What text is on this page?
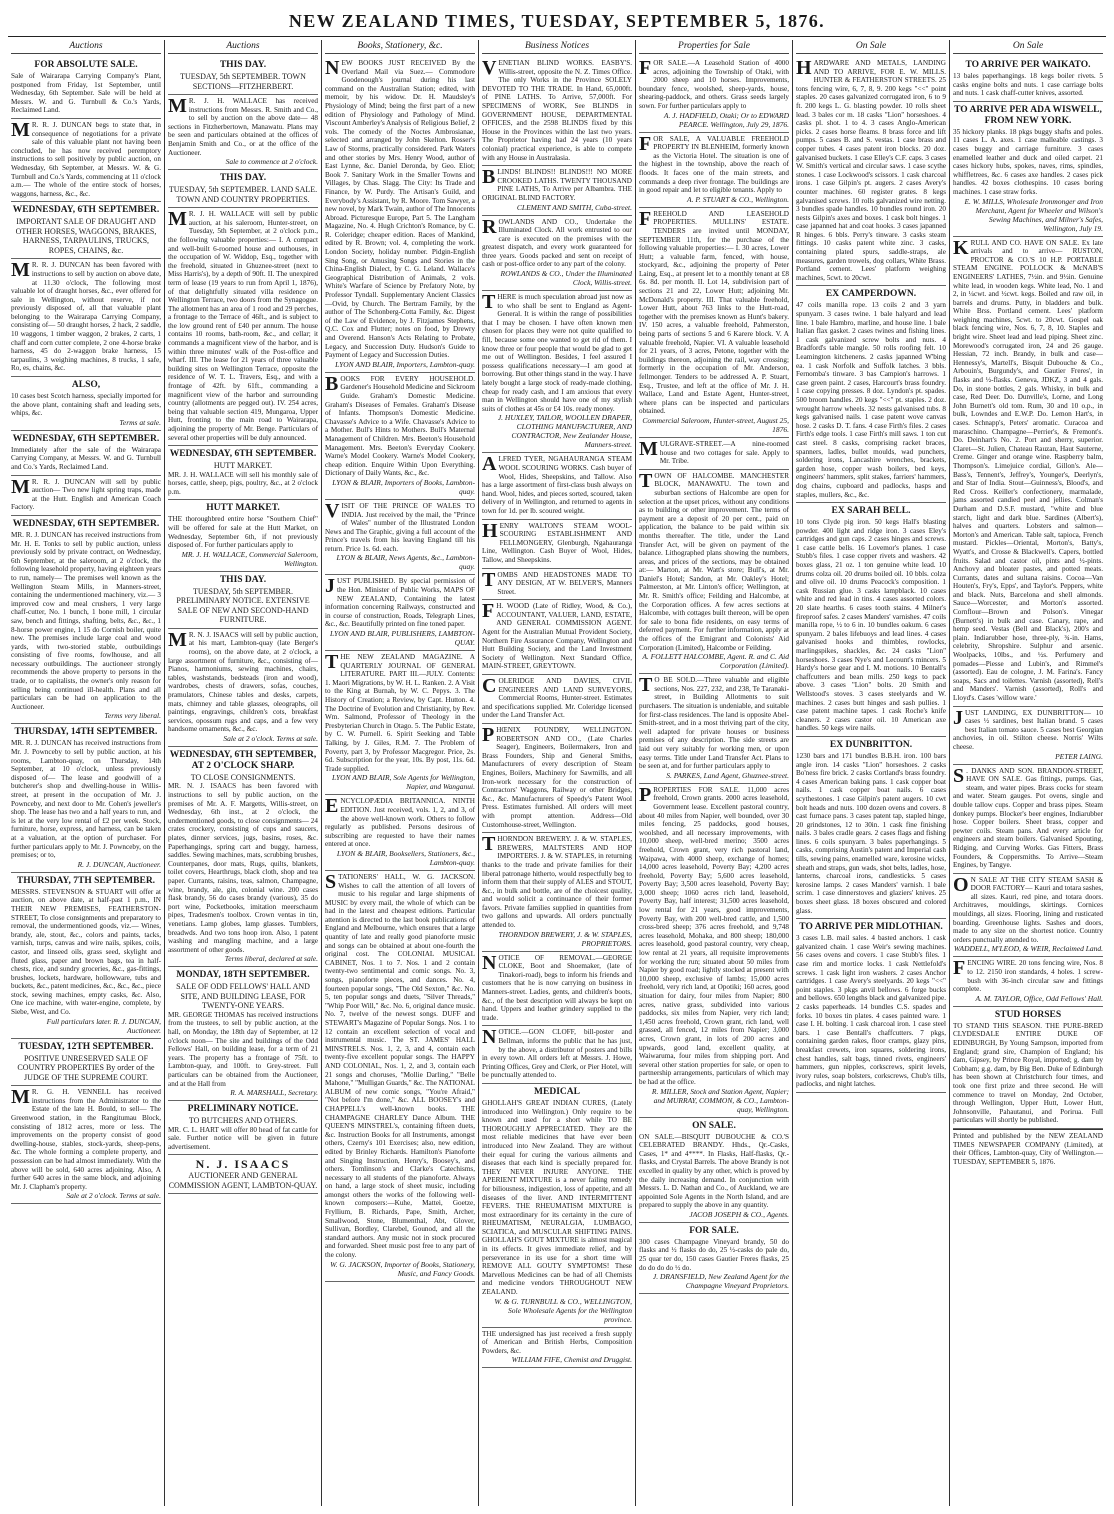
NEW ZEALAND TIMES, TUESDAY, SEPTEMBER 5, 1876.
Auctions
FOR ABSOLUTE SALE.
Sale of Wairarapa Carrying Company's Plant, postponed from Friday, 1st September, until Wednesday, 6th September. Sale will be held at Messrs. W. and G. Turnbull & Co.'s Yards, Reclaimed Land.
M R. R. J. DUNCAN begs to state that, in consequence of negotiations for a private sale of this valuable plant not having been concluded, he has now received peremptory instructions to sell positively by public auction, on Wednesday, 6th September, at Messrs. W. & G. Turnbull and Co.'s Yards, commencing at 11 o'clock a.m.— The whole of the entire stock of horses, waggons, harness, &c., &c.
WEDNESDAY, 6TH SEPTEMBER.
IMPORTANT SALE OF DRAUGHT AND OTHER HORSES, WAGGONS, BRAKES, HARNESS, TARPAULINS, TRUCKS, ROPES, CHAINS, &c.
M R. R. J. DUNCAN has been favored with instructions to sell by auction on above date, at 11.30 o'clock, The following most valuable lot of draught horses, &c., ever offered for sale in Wellington, without reserve, if not previously disposed of, all that valuable plant belonging to the Wairarapa Carrying Company, consisting of— 50 draught horses, 2 hack, 2 saddle, 10 waggons, 1 timber waggon, 2 brakes, 2 carts, 1 chaff and corn cutter complete, 2 one 4-horse brake harness, 45 do 2-waggon brake harness, 15 tarpaulins, 3 weighing machines, 8 trucks, 1 safe, Ro, es, chains, &c.
ALSO,
10 cases best Scotch harness, specially imported for the above plant, containing shaft and leading sets, whips, &c.
Terms at sale.
WEDNESDAY, 6TH SEPTEMBER.
Immediately after the sale of the Wairarapa Carrying Company, at Messrs. W. and G. Turnbull and Co.'s Yards, Reclaimed Land.
M R. R. J. DUNCAN will sell by public auction— Two new light spring traps, made at the Hutt. English and American Coach Factory.
WEDNESDAY, 6TH SEPTEMBER.
MR. R. J. DUNCAN has received instructions from Mr. H. E. Tonks to sell by public auction, unless previously sold by private contract, on Wednesday, 6th September, at the saleroom, at 2 o'clock, the following leasehold property, having eighteen years to run, namely— The premises well known as the Wellington Steam Mills, in Manners-street, containing the undermentioned machinery, viz.— 3 improved cow and meal crushers, 1 very large chaff-cutter, No. 1 bunch, 1 bone mill, 1 circular saw, bench and fittings, shafting, belts, &c., &c., 1 8-horse power engine, 1 15 do Cornish boiler, quite new. The premises include large coal and wood yards, with two-storied stable, outbuildings consisting of five rooms, fowlhouse, and all necessary outbuildings. The auctioneer strongly recommends the above property to persons in the trade, or to capitalists, the owner's only reason for selling being continued ill-health. Plans and all particulars can be had on application to the Auctioneer.
Terms very liberal.
THURSDAY, 14TH SEPTEMBER.
MR. R. J. DUNCAN has received instructions from Mr. J. Pownceby to sell by public auction, at his rooms, Lambton-quay, on Thursday, 14th September, at 10 o'clock, unless previously disposed of— The lease and goodwill of a butcherer's shop and dwelling-house in Willis-street, at present in the occupation of Mr. J. Pownceby, and next door to Mr. Cohen's jeweller's shop. The lease has two and a half years to run, and is let at the very low rental of £2 per week. Stock, furniture, horse, express, and harness, can be taken at a valuation, at the option of purchaser. For further particulars apply to Mr. J. Pownceby, on the premises; or to,
R. J. DUNCAN, Auctioneer.
THURSDAY, 7TH SEPTEMBER.
MESSRS. STEVENSON & STUART will offer at auction, on above date, at half-past 1 p.m., IN THEIR NEW PREMISES, FEATHERSTON-STREET, To close consignments and preparatory to removal, the undermentioned goods, viz.— Wines, brandy, ale, stout, &c., colors and paints, tacks, varnish, turps, canvas and wire nails, spikes, coils, castor, and linseed oils, grass seed, skylight and fluted glass, paper and brown bags, tea in half-chests, rice, and sundry groceries, &c., gas-fittings, brushes, lockets, hardware, hollowware, tubs and buckets, &c., patent medicines, &c., &c., &c., piece stock, sewing machines, empty casks, &c. Also, One ice machine, with water-engine, complete, by Siebe, West, and Co.
Full particulars later. R. J. DUNCAN, Auctioneer.
TUESDAY, 12TH SEPTEMBER.
POSITIVE UNRESERVED SALE OF COUNTRY PROPERTIES By order of the JUDGE OF THE SUPREME COURT.
M R. G. H. VENNELL has received instructions from the Administrator to the Estate of the late H. Bould, to sell— The Greenwood station, in the Rangitumau Block, consisting of 1812 acres, more or less. The improvements on the property consist of good dwelling-house, stables, stock-yards, sheep-pens, &c. The whole forming a complete property, and possession can be had almost immediately. With the above will be sold, 640 acres adjoining. Also, A further 640 acres in the same block, and adjoining Mr. J. Clapham's property.
Sale at 2 o'clock. Terms at sale.
Auctions
THIS DAY.
TUESDAY, 5th SEPTEMBER. TOWN SECTIONS—FITZHERBERT.
M R. J. H. WALLACE has received instructions from Messrs. R. Smith and Co., to sell by auction on the above date— 48 sections in Fitzherbertown, Manawatu. Plans may be seen and particulars obtained at the offices of Benjamin Smith and Co., or at the office of the Auctioneer.
Sale to commence at 2 o'clock.
THIS DAY.
TUESDAY, 5th SEPTEMBER. LAND SALE. TOWN AND COUNTRY PROPERTIES.
M R. J. H. WALLACE will sell by public auction, at his saleroom, Hunter-street, on Tuesday, 5th September, at 2 o'clock p.m., the following valuable properties:— I. A compact and well-built 6-roomed house and outhouses, in the occupation of W. Widdop, Esq., together with the freehold, situated in Ghuznee-street (next to Miss Harris's), by a depth of 90ft. II. The unexpired term of lease (19 years to run from April 1, 1876), of that delightfully situated villa residence on Wellington Terrace, two doors from the Synagogue. The allotment has an area of 1 rood and 29 perches, a frontage to the Terrace of 46ft., and is subject to the low ground rent of £40 per annum. The house contains 10 rooms, bath-room, &c., and cellar; it commands a magnificent view of the harbor, and is within three minutes' walk of the Post-office and wharf. III. The lease for 21 years of three valuable building sites on Wellington Terrace, opposite the residence of W. T. L. Travers, Esq., and with a frontage of 42ft. by 61ft., commanding a magnificent view of the harbor and surrounding country (allotments are pegged out). IV. 254 acres, being that valuable section 419, Mungaroa, Upper Hutt, fronting to the main road to Wairarapa, adjoining the property of Mr. Benge. Particulars of several other properties will be duly announced.
WEDNESDAY, 6TH SEPTEMBER.
HUTT MARKET.
MR. J. H. WALLACE will sell his monthly sale of horses, cattle, sheep, pigs, poultry, &c., at 2 o'clock p.m.
HUTT MARKET.
THE thoroughbred entire horse "Southern Chief" will be offered for sale at the Hutt Market, on Wednesday, September 6th, if not previously disposed of. For further particulars apply to
MR. J. H. WALLACE, Commercial Saleroom, Wellington.
THIS DAY.
TUESDAY, 5th SEPTEMBER. PRELIMINARY NOTICE. EXTENSIVE SALE OF NEW AND SECOND-HAND FURNITURE.
M R. N. J. ISAACS will sell by public auction, at his mart, Lambton-quay (late Berger's rooms), on the above date, at 2 o'clock, a large assortment of furniture, &c., consisting of— Pianos, harmoniums, sewing machines, chairs, tables, washstands, bedsteads (iron and wood), wardrobes, chests of drawers, sofas, couches, pramulators, Chinese tables and desks, carpets, mats, chimney and table glasses, oleographs, oil paintings, engravings, children's cots, breakfast services, opossum rugs and caps, and a few very handsome ornaments, &c., &c.
Sale at 2 o'clock. Terms at sale.
WEDNESDAY, 6TH SEPTEMBER, AT 2 O'CLOCK SHARP.
TO CLOSE CONSIGNMENTS.
MR. N. J. ISAACS has been favored with instructions to sell by public auction, on the premises of Mr. A. F. Margetts, Willis-street, on Wednesday, 6th inst., at 2 o'clock, the undermentioned goods, to close consignments— 24 crates crockery, consisting of cups and saucers, plates, dinner services, jugs, basins, roses, &c. Paperhangings, spring cart and buggy, harness, saddles. Sewing machines, mats, scrubbing brushes, Counterpanes, door mats, Rugs, quilts, blankets, toilet covers, Hearthrugs, black cloth, shop and tea paper. Currants, raisins, teas, salmon, Champagne, wine, brandy, ale, gin, colonial wine. 200 cases flask brandy, 56 do cases brandy (various), 35 do port wine, Pocketbooks, imitation meerschaum pipes, Tradesmen's toolbox. Crown ventas in tin, venetians. Lamp globes, lamp glasses. Tumblers, breadwds. And two tons hoop iron. Also, 1 patent washing and mangling machine, and a large assortment of other goods.
Terms liberal, declared at sale.
MONDAY, 18TH SEPTEMBER.
SALE OF ODD FELLOWS' HALL AND SITE, AND BUILDING LEASE, FOR TWENTY-ONE YEARS.
MR. GEORGE THOMAS has received instructions from the trustees, to sell by public auction, at the hall, on Monday, the 18th day of September, at 12 o'clock noon— The site and buildings of the Odd Fellows' Hall, on building lease, for a term of 21 years. The property has a frontage of 75ft. to Lambton-quay, and 100ft. to Grey-street. Full particulars can be obtained from the Auctioneer, and at the Hall from
R. A. MARSHALL, Secretary.
PRELIMINARY NOTICE.
TO BUTCHERS AND OTHERS.
MR. C. L. HART will offer 80 head of fat cattle for sale. Further notice will be given in future advertisement.
N. J. ISAACS
AUCTIONEER AND GENERAL COMMISSION AGENT, LAMBTON-QUAY.
Books, Stationery, &c.
NEW BOOKS JUST RECEIVED By the Overland Mail via Suez.— Commodore Goodenough's journal during his last command on the Australian Station; edited, with memoir, by his widow. Dr. H. Maudsley's Physiology of Mind; being the first part of a new edition of Physiology and Pathology of Mind. Viscount Amberley's Analysis of Religious Belief, 2 vols. The comedy of the Noctes Ambrosianae, selected and arranged by John Skelton. Rosser's Law of Storms, practically considered. Park Waters and other stories by Mrs. Henry Wood, author of East Lynne, &c. Daniel Deronda, by Geo. Eliot; Book 7. Sanitary Work in the Smaller Towns and Villages, by Chas. Slagg. The City: Its Trade and Finance, by W. Purdy. The Artisan's Guild, and Everybody's Assistant, by R. Moore. Tom Sawyer, a new novel, by Mark Twain, author of The Innocents Abroad. Picturesque Europe, Part 5. The Langham Magazine, No. 4. Hugh Crichton's Romance, by C. R. Coleridge; cheaper edition. Races of Mankind, edited by R. Brown; vol. 4, completing the work. London Society, holiday number. Pidgin-English Sing Song, or Amusing Songs and Stories in the China-English Dialect, by C. G. Leland. Wallace's Geographical Distribution of Animals, 2 vols. White's Warfare of Science by Prefatory Note, by Professor Tyndall. Supplementary Ancient Classics—Ovid, by Church. The Bertram Family, by the author of The Schonberg-Cotta Family, &c. Digest of the Law of Evidence, by J. Fitzjames Stephens, Q.C. Cox and Flutter; notes on food, by Drewry and Overend. Hanson's Acts Relating to Probate, Legacy, and Succession Duty. Hudson's Guide to Payment of Legacy and Succession Duties.
LYON AND BLAIR, Importers, Lambton-quay.
BOOKS FOR EVERY HOUSEHOLD. Gardener's Household Medicine and Sickroom Guide. Graham's Domestic Medicine. Graham's Diseases of Females. Graham's Disease of Infants. Thompson's Domestic Medicine. Chavasse's Advice to a Wife. Chavasse's Advice to a Mother. Bull's Hints to Mothers. Bull's Maternal Management of Children. Mrs. Beeton's Household Management. Mrs. Beeton's Everyday Cookery. Warne's Model Cookery. Warne's Model Cookery, cheap edition. Enquire Within Upon Everything. Dictionary of Daily Wants, &c., &c.
LYON & BLAIR, Importers of Books, Lambton-quay.
VISIT OF THE PRINCE OF WALES TO INDIA. Just received by the mail, the "Prince of Wales" number of the Illustrated London News and The Graphic, giving a full account of the Prince's travels from his leaving England till his return. Price 1s. 6d. each.
LYON & BLAIR, News Agents, &c., Lambton-quay.
JUST PUBLISHED. By special permission of the Hon. Minister of Public Works, MAPS OF NEW ZEALAND, Containing the latest information concerning Railways, constructed and in course of construction, Roads, Telegraph Lines, &c., &c. Beautifully printed on fine toned paper.
LYON AND BLAIR, PUBLISHERS, LAMBTON-QUAY.
THE NEW ZEALAND MAGAZINE. A QUARTERLY JOURNAL OF GENERAL LITERATURE. PART III.—JULY. Contents: 1. Maori Migrations, by W. H. L. Ranken. 2. A Visit to the King at Burnah, by W. C. Pepys. 3. The History of Creation; a Review, by Capt. Hutton. 4. The Doctrine of Evolution and Christianity, by Rev. Wm. Salmond, Professor of Theology in the Presbyterian Church in Otago. 5. The Public Estate, by C. W. Purnell. 6. Spirit Seeking and Table Talking, by J. Giles, R.M. 7. The Problem of Poverty, part 3, by Professor Macgregor. Price, 2s. 6d. Subscription for the year, 10s. By post, 11s. 6d. Trade supplied.
LYON AND BLAIR, Sole Agents for Wellington, Napier, and Wanganui.
ENCYCLOPÆDIA BRITANNICA. NINTH EDITION. Just received, vols. 1, 2, and 3, of the above well-known work. Others to follow regularly as published. Persons desirous of subscribing are requested to have their names entered at once.
LYON & BLAIR, Booksellers, Stationers, &c., Lambton-quay.
STATIONERS' HALL, W. G. JACKSON. Wishes to call the attention of all lovers of music to his regular and large shipments of MUSIC by every mail, the whole of which can be had in the latest and cheapest editions. Particular attention is directed to the last book publications of England and Melbourne, which ensures that a large quantity of late and really good pianoforte music and songs can be obtained at about one-fourth the original cost. The COLONIAL MUSICAL CABINET, Nos. 1 to 7. Nos. 1 and 2 contain twenty-two sentimental and comic songs. No. 3, songs, pianoforte pieces, and dances. No. 4, fourteen popular songs, "The Old Sexton," &c. No. 5, ten popular songs and duets, "Silver Threads," "Whip Poor Will," &c. No. 6, original dance music. No. 7, twelve of the newest songs. DUFF and STEWART's Magazine of Popular Songs. Nos. 1 to 12 contain an excellent selection of vocal and instrumental music. The ST. JAMES' HALL MINSTRELS. Nos. 1, 2, 3, and 4, contain each twenty-five excellent popular songs. The HAPPY AND COLONIAL, Nos. 1, 2, and 3, contain each 21 songs and choruses, "Mollie Darling," "Belle Mahone," "Mulligan Guards," &c. The NATIONAL ALBUM of new comic songs, "You're Afraid," "Not before I'm done," &c. ALL BOOSEY's and CHAPPELL's well-known books. THE CHAMPAGNE CHARLEY Dance Album. THE QUEEN'S MINSTREL's, containing fifteen duets, &c. Instruction Books for all Instruments, amongst others, Czerny's 101 Exercises; also, new edition, edited by Brinley Richards. Hamilton's Pianoforte and Singing Instruction, Henry's, Boosey's, and others. Tomlinson's and Clarke's Catechisms, necessary to all students of the pianoforte. Always on hand, a large stock of sheet music, including amongst others the works of the following well-known composers:—Kuhe, Mattei, Goetze, Fryllium, B. Richards, Pape, Smith, Archer, Smallwood, Stone, Blumenthal, Abt, Glover, Sullivan, Bordley, Clarebel, Gounod, and all the standard authors. Any music not in stock procured and forwarded. Sheet music post free to any part of the colony.
W. G. JACKSON, Importer of Books, Stationery, Music, and Fancy Goods.
Business Notices
VENETIAN BLIND WORKS. EASBY'S. Willis-street, opposite the N. Z. Times Office. The only Works in the Province SOLELY DEVOTED TO THE TRADE. In Hand, 65,000ft. of PINE LATHS. To Arrive, 57,000ft. For SPECIMENS of WORK, See BLINDS in GOVERNMENT HOUSE, DEPARTMENTAL OFFICES, and the 2598 BLINDS fixed by this House in the Provinces within the last two years. The Proprietor having had 24 years (10 years colonial) practical experience, is able to compete with any House in Australasia.
BLINDS! BLINDS!! BLINDS!!! NO MORE CROOKED LATHS. TWENTY THOUSAND PINE LATHS, To Arrive per Albambra. THE ORIGINAL BLIND FACTORY.
CLEMENT AND SMITH, Cuba-street.
ROWLANDS AND CO., Undertake the Illuminated Clock. All work entrusted to our care is executed on the premises with the greatest dispatch, and every work guaranteed for three years. Goods packed and sent on receipt of cash or post-office order to any part of the colony.
ROWLANDS & CO., Under the Illuminated Clock, Willis-street.
THERE is much speculation abroad just now as to who shall be sent to England as Agent-General. It is within the range of possibilities that I may be chosen. I have often known men chosen for places they were not quite qualified to fill, because some one wanted to get rid of them. I know three or four people that would be glad to get me out of Wellington. Besides, I feel assured I possess qualifications necessary—I am good at borrowing. But other things stand in the way. I have lately bought a large stock of ready-made clothing, cheap for ready cash, and I am anxious that every man in Wellington should have one of my stylish suits of clothes at 45s or £4 10s. ready money.
J. HUXLEY, TAILOR, WOOLLEN DRAPER, CLOTHING MANUFACTURER, AND CONTRACTOR, New Zealander House, Manners-street.
ALFRED TYER, NGAHAURANGA STEAM WOOL SCOURING WORKS. Cash buyer of Wool, Hides, Sheepskins, and Tallow. Also has a large assortment of first-class bush always on hand. Wool, hides, and pieces sorted, scoured, taken delivery of in Wellington, and returned to agents in town for 1d. per lb. scoured weight.
HENRY WALTON'S STEAM WOOL-SCOURING ESTABLISHMENT AND FELLMONGERY, Glenburgh, Ngahauranga Line, Wellington. Cash Buyer of Wool, Hides, Tallow, and Sheepskins.
TOMBS AND HEADSTONES MADE TO ANY DESIGN, AT W. BELVER'S, Manners Street.
F H. WOOD (Late of Ridley, Wood, & Co.), ACCOUNTANT, VALUER, LAND, ESTATE, AND GENERAL COMMISSION AGENT. Agent for the Australian Mutual Provident Society, Northern Fire Assurance Company, Wellington and Hutt Building Society, and the Land Investment Society of Wellington. Next Standard Office, MAIN-STREET, GREYTOWN.
COLERIDGE AND DAVIES, CIVIL ENGINEERS AND LAND SURVEYORS, Commercial Rooms, Hunter-street. Estimates and specifications supplied. Mr. Coleridge licensed under the Land Transfer Act.
PHŒNIX FOUNDRY, WELLINGTON. ROBERTSON AND CO., (Late Charles Seager), Engineers, Boilermakers, Iron and Brass Founders, Ship and General Smiths, Manufacturers of every description of Steam Engines, Boilers, Machinery for Sawmills, and all Iron-work necessary for the construction of Contractors' Waggons, Railway or other Bridges, &c., &c. Manufacturers of Speedy's Patent Wool Press. Estimates furnished. All orders will meet with prompt attention. Address—Old Customhouse-street, Wellington.
THORNDON BREWERY. J. & W. STAPLES, BREWERS, MALTSTERS AND HOP IMPORTERS. J. & W. STAPLES, in returning thanks to the trade and private families for their liberal patronage hitherto, would respectfully beg to inform them that their supply of ALES and STOUT, &c., in bulk and bottle, are of the choicest quality, and would solicit a continuance of their former favors. Private families supplied in quantities from two gallons and upwards. All orders punctually attended to.
THORNDON BREWERY, J. & W. STAPLES, PROPRIETORS.
NOTICE OF REMOVAL.—GEORGE CLOKE, Boot and Shoemaker, (late of Tinakori-road), begs to inform his friends and customers that he is now carrying on business in Manners-street. Ladies, gents, and children's boots, &c., of the best description will always be kept on hand. Uppers and leather grindery supplied to the trade.
NOTICE.—GON CLOFF, bill-poster and Bellman, informs the public that he has just, by the above, a distributor of posters and bills in every town. All orders left at Messrs. J. Howe, Printing Offices, Grey and Clerk, or Pier Hotel, will be punctually attended to.
MEDICAL
GHOLLAH'S GREAT INDIAN CURES, (Lately introduced into Wellington.) Only require to be known and used for a short while TO BE THOROUGHLY APPRECIATED. They are the most reliable medicines that have ever been introduced into New Zealand. They are without their equal for curing the various ailments and diseases that each kind is specially prepared for. THEY NEVER INJURE ANYONE. THE APERIENT MIXTURE is a never failing remedy for biliousness, indigestion, loss of appetite, and all diseases of the liver. AND INTERMITTENT FEVERS. THE RHEUMATISM MIXTURE is most extraordinary for its certainty in the cure of RHEUMATISM, NEURALGIA, LUMBAGO, SCIATICA, and MUSCULAR SHIFTING PAINS. GHOLLAH'S GOUT MIXTURE is almost magical in its effects. It gives immediate relief, and by perseverance in its use for a short time will REMOVE ALL GOUTY SYMPTOMS! These Marvellous Medicines can be had of all Chemists and medicine vendors THROUGHOUT NEW ZEALAND.
W. & G. TURNBULL & CO., WELLINGTON, Sole Wholesale Agents for the Wellington province.
THE undersigned has just received a fresh supply of American and British Herbs, Composition Powders, &c.
WILLIAM FIFE, Chemist and Druggist.
Properties for Sale
FOR SALE.—A Leasehold Station of 4000 acres, adjoining the Township of Otaki, with 2000 sheep and 10 horses. Improvements, boundary fence, woolshed, sheep-yards, house, shearing-paddock, and others. Grass seeds largely sown. For further particulars apply to
A. J. HADFIELD, Otaki; Or to EDWARD PEARCE. Wellington, July 29, 1876.
FOR SALE, A VALUABLE FREEHOLD PROPERTY IN BLENHEIM, formerly known as the Victoria Hotel. The situation is one of the highest in the township, above the reach of floods. It faces one of the main streets, and commands a deep river frontage. The buildings are in good repair and let to eligible tenants. Apply to
A. P. STUART & CO., Wellington.
FREEHOLD AND LEASEHOLD PROPERTIES. MULLINS' ESTATE. TENDERS are invited until MONDAY, SEPTEMBER 11th, for the purchase of the following valuable properties:— I. 30 acres, Lower Hutt; a valuable farm, fenced, with house, stockyard, &c., adjoining the property of Peter Laing, Esq., at present let to a monthly tenant at £8 6s. 8d. per month. II. Lot 14, subdivision part of sections 21 and 22, Lower Hutt; adjoining Mr. McDonald's property. III. That valuable freehold, Lower Hutt, about 763 links to the Hutt-road, together with the premises known as Hunt's bakery. IV. 150 acres, a valuable freehold, Pahmerston, being parts of sections 5 and 6 Karere block. V. A valuable freehold, Napier. VI. A valuable leasehold for 21 years, of 3 acres, Petone, together with the buildings thereon, adjoining the rail, way crossing; formerly in the occupation of Mr. Anderson, fellmonger. Tenders to be addressed A. P. Stuart, Esq., Trustee, and left at the office of Mr. J. H. Wallace, Land and Estate Agent, Hunter-street, where plans can be inspected and particulars obtained.
Commercial Saleroom, Hunter-street, August 25, 1876.
MULGRAVE-STREET.—A nine-roomed house and two cottages for sale. Apply to Mr. Tribe.
TOWN OF HALCOMBE. MANCHESTER BLOCK, MANAWATU. The town and suburban sections of Halcombe are open for selection at the upset prices, without any conditions as to building or other improvement. The terms of payment are a deposit of 20 per cent., paid on application, the balance to be paid within six months thereafter. The title, under the Land Transfer Act, will be given on payment of the balance. Lithographed plans showing the numbers, areas, and prices of the sections, may be obtained at:— Marton, at Mr. Watt's store; Bull's, at Mr. Daniel's Hotel; Sandon, at Mr. Oakley's Hotel; Palmerston, at Mr. Linton's office; Wellington, at Mr. R. Smith's office; Feilding and Halcombe, at the Corporation offices. A few acres sections at Halcombe, with cottages built thereon, will be open for sale to bona fide residents, on easy terms of deferred payment. For further information, apply at the offices of the Emigrant and Colonists' Aid Corporation (Limited), Halcombe or Feilding.
A. FOLLETT HALCOMBE, Agent. R. and C. Aid Corporation (Limited).
T O BE SOLD.—Three valuable and eligible sections, Nos. 227, 232, and 238, Te Taranaki-street, in Building Allotments to suit purchasers. The situation is undeniable, and suitable for first-class residences. The land is opposite Abel-Smith-street, and in a most thriving part of the city, well adapted for private houses or business premises of any description. The side streets are laid out very suitably for working men, or upon easy terms. Title under Land Transfer Act. Plans to be seen at, and for further particulars apply to
S. PARKES, Land Agent, Ghuznee-street.
PROPERTIES FOR SALE. 11,000 acres freehold, Crown grants. 2000 acres leasehold, Government lease. Excellent pastoral country, about 40 miles from Napier, well bounded, over 30 miles fencing, 25 paddocks, good houses, woolshed, and all necessary improvements, with 10,000 sheep, well-bred merino; 3500 acres freehold, Crown grant, very rich pastoral land, Waipawa, with 4000 sheep, exchange of homes; 14,000 acres leasehold, Poverty Bay; 4,200 acres freehold, Poverty Bay; 5,600 acres leasehold, Poverty Bay; 3,500 acres leasehold, Poverty Bay; 3,000 sheep; 1060 acres rich land, leasehold, Poverty Bay, half interest; 31,500 acres leasehold, low rental for 21 years, good improvements, Poverty Bay, with 200 well-bred cattle, and 1,500 cross-bred sheep; 376 acres freehold, and 9,748 acres leasehold, Mohaka, and 800 sheep; 180,000 acres leasehold, good pastoral country, very cheap, low rental at 21 years, all requisite improvements for working the run; situated about 50 miles from Napier by good road; lightly stocked at present with 10,000 sheep, exclusive of lambs; 15,000 acres freehold, very rich land, at Opotiki; 160 acres, good situation for dairy, four miles from Napier; 800 acres, native grass, subdivided into various paddocks, six miles from Napier, very rich land; 1,450 acres freehold, Crown grant, rich land, well grassed, all fenced, 12 miles from Napier; 3,000 acres, Crown grant, in lots of 200 acres and upwards, good land, excellent quality, at Waiwaruma, four miles from shipping port. And several other station properties for sale, or open to partnership arrangements, particulars of which may be had at the office.
R. MILLER, Stock and Station Agent, Napier; and MURRAY, COMMON, & CO., Lambton-quay, Wellington.
ON SALE.
ON SALE.—BISQUIT DUBOUCHE & CO.'S CELEBRATED BRANDY. Hhds., Qr.-Casks, Cases, 1* and 4****. In Flasks, Half-flasks, Qr.-flasks, and Crystal Barrels. The above Brandy is not excelled in quality by any other, which is proved by the daily increasing demand. In conjunction with Messrs. L. D. Nathan and Co., of Auckland, we are appointed Sole Agents in the North Island, and are prepared to supply the above in any quantity.
JACOB JOSEPH & CO., Agents.
FOR SALE.
300 cases Champagne Vineyard brandy, 50 do flasks and ½ flasks do do, 25 ½-casks do pale do, 25 quar ter do, 150 cases Gautier Freres flasks, 25 do do do do ½ do.
J. DRANSFIELD, New Zealand Agent for the Champagne Vineyard Proprietors.
On Sale
HARDWARE AND METALS, LANDING AND TO ARRIVE, FOR E. W. MILLS. HUNTER & FEATHERSTON STREETS. 25 tons fencing wire, 6, 7, 8, 9. 200 kegs "<<" point staples. 20 cases galvanized corrugated iron, 6 to 9 ft. 200 kegs L. G. blasting powder. 10 rolls sheet lead. 3 bales cor m. 18 casks "Lion" horseshoes. 4 casks pl. shot. 1 to 4. 3 cases Anglo-American picks. 2 cases horse fleams. 8 brass force and lift pumps. 5 cases B. and S. vestas. 1 case brass and copper tubes. 4 cases patent iron blocks. 20 doz. galvanised buckets. 1 case Elley's C.F. caps. 3 cases W. Smith's vertical and circular saws. 1 case scythe stones. 1 case Lockwood's scissors. 1 cask charcoal irons. 1 case Gilpin's pt. augers. 2 cases Avery's counter machines. 60 register grates. 8 kegs galvanised screws. 10 rolls galvanized wire netting. 3 bundles spade handles. 10 bundles round iron. 20 nests Gilpin's axes and boxes. 1 cask bolt hinges. 1 case japanned hat and coat hooks. 3 cases japanned R hinges. 6 bbls. Perry's tinware. 3 casks steam fittings. 10 casks patent white zinc. 3 casks, containing plated spurs, saddle-straps, ale measures, garden trowels, dog collars, White Brass. Portland cement. Lees' platform weighing machines, 5cwt. to 20cwt.
EX CAMPERDOWN.
47 coils manilla rope. 13 coils 2 and 3 yarn spunyarn. 3 cases twine. 1 bale halyard and lead line. 1 bale Hambro, marline, and house line. 1 bale Italian flax gasket. 2 cases twines and fishing lines. 1 cask galvanized screw bolts and nuts. 4 Bradford's table mangle. 50 rolls roofing felt. 10 Leamington kitchenens. 2 casks japanned W'bing ea. 1 cask Norfolk and Suffolk latches. 3 bbls. Fernomba's tinware. 3 bas Campion's harrows. 1 case green paint. 2 cases, Harcourt's brass foundry. 1 case copying presses. 8 doz. Lyndon's pt. spades. 500 broom handles. 20 kegs "<<" pt. staples. 2 doz. wrought harrow wheels. 32 nests galvanised tubs. 8 kegs galvanised nails. 1 case patent wove canvas hose. 2 casks D. T. fans. 4 case Firth's files. 2 cases Firth's edge tools. 1 case Firth's mill saws. 1 ton cut cast steel. 8 casks, comprising racket braces, spanners, ladles, bullet moulds, wad punchers, soldering irons, Lancashire wrenches, brackets, garden hose, copper wash boilers, bed keys, engineers' hammers, split stakes, farriers' hammers, dog chains, cupboard and padlocks, hasps and staples, mullers, &c., &c.
EX SARAH BELL.
10 tons Clyde pig iron. 50 kegs Hall's blasting powder. 400 light and ridge iron. 3 cases Eley's cartridges and gun caps. 2 cases hinges and screws. 1 case cattle bells. 16 Lovemor's planes. 1 case Stubb's files. 1 case copper rivets and washers. 42 boxes glass, 21 oz. 1 ton genuine white lead. 10 drums colza oil. 20 drums boiled oil. 10 bbls. colza and olive oil. 10 drums Peacock's composition. 1 cask Russian glue. 3 casks lampblack. 10 cases white and red lead in tins. 4 cases assorted colors. 20 slate hearths. 6 cases tooth stains. 4 Milner's fireproof safes. 2 cases Manders' varnishes. 47 coils manilla rope, ½ to 6 in. 10 bundles oakum. 6 cases spunyarn. 2 bales lifebuoys and lead lines. 4 cases galvanised hooks and thimbles, rowlocks, marlingspikes, shackles, &c. 24 casks "Lion" horseshoes. 3 cases Nye's and Lecount's mincers. 5 Hardy's horse gear and I. M. motions. 10 Bentall's chaffcutters and bean mills. 250 kegs to pack above. 3 cases "Lion" bolts. 20 Smith and Wellstood's stoves. 3 cases steelyards and W. machines. 2 cases butt hinges and sash pullies. 1 case patent machine tapes. 1 cask Roche's knife cleaners. 2 cases castor oil. 10 American axe handles. 50 kegs wire nails.
EX DUNBRITTON.
1230 bars and 171 bundles B.B.H. iron. 100 bars angle iron. 14 casks "Lion" horseshoes. 2 casks Bo'ness fire brick. 2 casks Cortland's brass foundry. 4 cases American baking pans. 1 cask copper boat nails. 1 cask copper boat nails. 6 cases scythestones. 1 case Gilpin's patent augers. 10 cwt bolt heads and nuts. 100 dozen ovens and covers. 8 cast furnace pans. 3 cases patent tap, stapled hinge, 20 grindstones, 12 to 30in. 1 cask fine finishing nails. 3 bales cradle gears. 2 cases flags and fishing lines. 6 coils spunyarn. 3 bales paperhangings. 5 casks, comprising Austin's patent and Imperial cash tills, sewing pains, enamelled ware, kerosine wicks, sheath and straps, gun wads, shot belts, ladles, hose, lanterns, charcoal irons, candlesticks. 5 cases kerosine lamps. 2 cases Manders' varnish. 1 bale scrim. 1 case dinnerstoves and glaziers' knives. 25 boxes sheet glass. 18 boxes obscured and colored glass.
TO ARRIVE PER MIDLOTHIAN.
3 cases L.B. mail sales. 4 basted anchors. 1 cask galvanized chain. 1 case Weir's sewing machines. 56 cases ovens and covers. 1 case Stubb's files. 1 case rim and mortice locks. 1 cask Nettlefold's screws. 1 cask light iron washers. 2 cases Anchor cartridges. 1 case Avery's steelyards. 20 kegs "<<" point staples. 3 pkgs anvil bellows. 6 forge bucks and bellows. 650 lengths black and galvanized pipe. 2 casks paperheads. 14 bundles C.S. spades and forks. 10 boxes tin plates. 4 cases painted ware. 1 case I. H. bolting. 1 cask charcoal iron. 1 case steel bars. 1 case Bentall's chaffcutters. 7 pkgs, containing garden rakes, floor cramps, glazy pins, breakfast crewets, iron squares, soldering irons, chest handles, salt bags, tinned rivets, engineers' hammers, gun nipples, corkscrews, spirit levels, ivory rules, soap bolsters, corkscrews, Chub's tills, padlocks, and night latches.
On Sale
TO ARRIVE PER WAIKATO.
13 bales paperhangings. 18 kegs boiler rivets. 5 casks engine bolts and nuts. 1 case carriage bolts and nuts. 1 cask chaff-cutter knives, assorted.
TO ARRIVE PER ADA WISWELL, FROM NEW YORK.
35 hickory planks. 18 pkgs buggy shafts and poles. 11 cases L. A. axes. 1 case malleable castings. 3 cases buggy and carriage furniture. 3 cases enamelled leather and duck and oiled carpet. 21 cases hickory hubs, spokes, naves, rims, spindles, whiffletrees, &c. 6 cases axe handles. 2 cases pick handles. 42 boxes clothespins. 10 cases boring machines. 1 case straw forks.
E. W. MILLS, Wholesale Ironmonger and Iron Merchant, Agent for Wheeler and Wilson's Sewing Machines, and Milner's Safes, Wellington, July 19.
KRULL AND CO. HAVE ON SALE. Ex late arrivals and to arrive— RUSTON, PROCTOR & CO.'S 10 H.P. PORTABLE STEAM ENGINE. POLLOCK & McNAB'S ENGINEERS' LATHES, 7½in. and 9½in. Genuine white lead, in wooden kegs. White lead, No. 1 and 2, in ¼cwt. and ½cwt. kegs. Boiled and raw oil, in barrels and drums. Putty, in bladders and bulk. White Brss. Portland cement. Lees' platform weighing machines, 5cwt. to 20cwt. Gospel oak black fencing wire, Nos. 6, 7, 8, 10. Staples and bright wire. Sheet lead and lead piping. Sheet zinc. Morewood's corrugated iron, 24 and 26 gauge. Hessian, 72 inch. Brandy, in bulk and case—Hennessy's, Martell's, Bisquit Dubouche & Co., Arbouin's, Burgundy's, and Gautier Freres', in flasks and ½-flasks. Geneva, JDKZ, 3 and 4 gals. Do, in stone bottles, 2 gals. Whisky, in bulk and case, Red Deer. Do. Dunville's, Lorne, and Long John Burnett's old tom. Rum, 30 and 10 o.p., in bulk, Lowndes and E.W.P. Do. Lemon Hart's, in cases. Schnapp's, Peters' aromatic. Curacoa and maraschino. Champagne—Perrier's, & Fremont's. Do. Deinhart's No. 2. Port and sherry, superior. Claret—St. Julien, Chateau Rauzan, Haut Sauterne, Creme. Ginger and orange wine. Raspberry balm, Thompson's. Limejuice cordial, Gillon's. Ale—Bass's, Tennent's, Jeffrey's, Younger's, Deerlyn's, and Star of India. Stout—Guinness's, Blood's, and Red Cross. Keiller's confectionery, marmalade, jams assorted candied peel and jellies. Colman's Durham and D.S.F. mustard, "white and blue starch, light and dark blue. Sardines (Albert's), halves and quarters. Lobsters and salmon—Morton's and American. Table salt, tapioca, French mustard. Pickles—Oriental, Morton's, Batty's, Wyatt's, and Crosse & Blackwell's. Capers, bottled fruits. Salad and castor oil, pints and ½-pints. Anchovy and bloater pastes, and potted meats. Currants, dates and sultana raisins. Cocoa—Van Houten's, Fry's, Epps', and Taylor's. Peppers, white and black. Nuts, Barcelona and shell almonds. Sauce—Worcester, and Morton's assorted. Cornflour—Brown and Polson's. Vinegar (Burnett's) in bulk and case. Canary, rape, and hemp seed. Vestas (Bell and Black's), 200's and plain. Indiarubber hose, three-ply, ¾-in. Hams, celebrity, Shropshire. Sulphur and arsenic. Woolpacks, 10lbs., and ½s. Perfumery and pomades—Piesse and Lubin's, and Rimmel's (assorted). Eau de cologne, J. M. Farina's. Fancy soaps, Sacs and toilettes. Varnish (assorted), Rell's and Manders'. Varnish (assorted), Roll's and Lloyd's. Cases 'willow ware.'
JUST LANDING, EX DUNBRITTON— 10 cases ½ sardines, best Italian brand. 5 cases best Italian tomato sauce. 5 cases best Georgian anchovies, in oil. Stilton cheese. Norris' Wilts cheese.
PETER LAING.
S . DANKS AND SON. BRANDON-STREET, HAVE ON SALE. Gas fittings, pumps. Gas, steam, and water pipes. Brass cocks for steam and water. Steam gauges. Pot ovens, single and double tallow cups. Copper and brass pipes. Steam donkey pumps. Blocker's beer engines, Indiarubber hose. Copper boilers. Sheet brass, copper and pewter coils. Steam pans. And every article for engineers and steam boilers. Galvanised Spouting, Ridging, and Curving Works. Gas Fitters, Brass Founders, & Coppersmiths. To Arrive—Steam Engines, by Tangye.
O N SALE AT THE CITY STEAM SASH & DOOR FACTORY— Kauri and totara sashes, all sizes. Kauri, red pine, and totara doors. Architraves, mouldings, skirtings. Cornices mouldings, all sizes. Flooring, lining and rusticated boarding. Greenhouse lights. Sashes and doors, made to any size on the shortest notice. Country orders punctually attended to.
WADDELL, M'LEOD, & WEIR, Reclaimed Land.
FENCING WIRE. 20 tons fencing wire, Nos. 8 to 12. 2150 iron standards, 4 holes. 1 screw-bush with 36-inch circular saw and fittings complete.
A. M. TAYLOR, Office, Odd Fellows' Hall.
STUD HORSES
TO STAND THIS SEASON. THE PURE-BRED CLYDESDALE ENTIRE DUKE OF EDINBURGH, By Young Sampson, imported from England; grand sire, Champion of England; his dam, Gipsey, by Prince Royal, imported; g. dam by Cobham; g.g. dam, by Big Ben. Duke of Edinburgh has been shown at Christchurch four times, and took one first prize and three second. He will commence to travel on Monday, 2nd October, through Wellington, Upper Hutt, Lower Hutt, Johnsonville, Pahautanui, and Porirua. Full particulars will shortly be published.
Printed and published by the NEW ZEALAND TIMES NEWSPAPER COMPANY (Limited), at their Offices, Lambton-quay, City of Wellington.—TUESDAY, SEPTEMBER 5, 1876.
